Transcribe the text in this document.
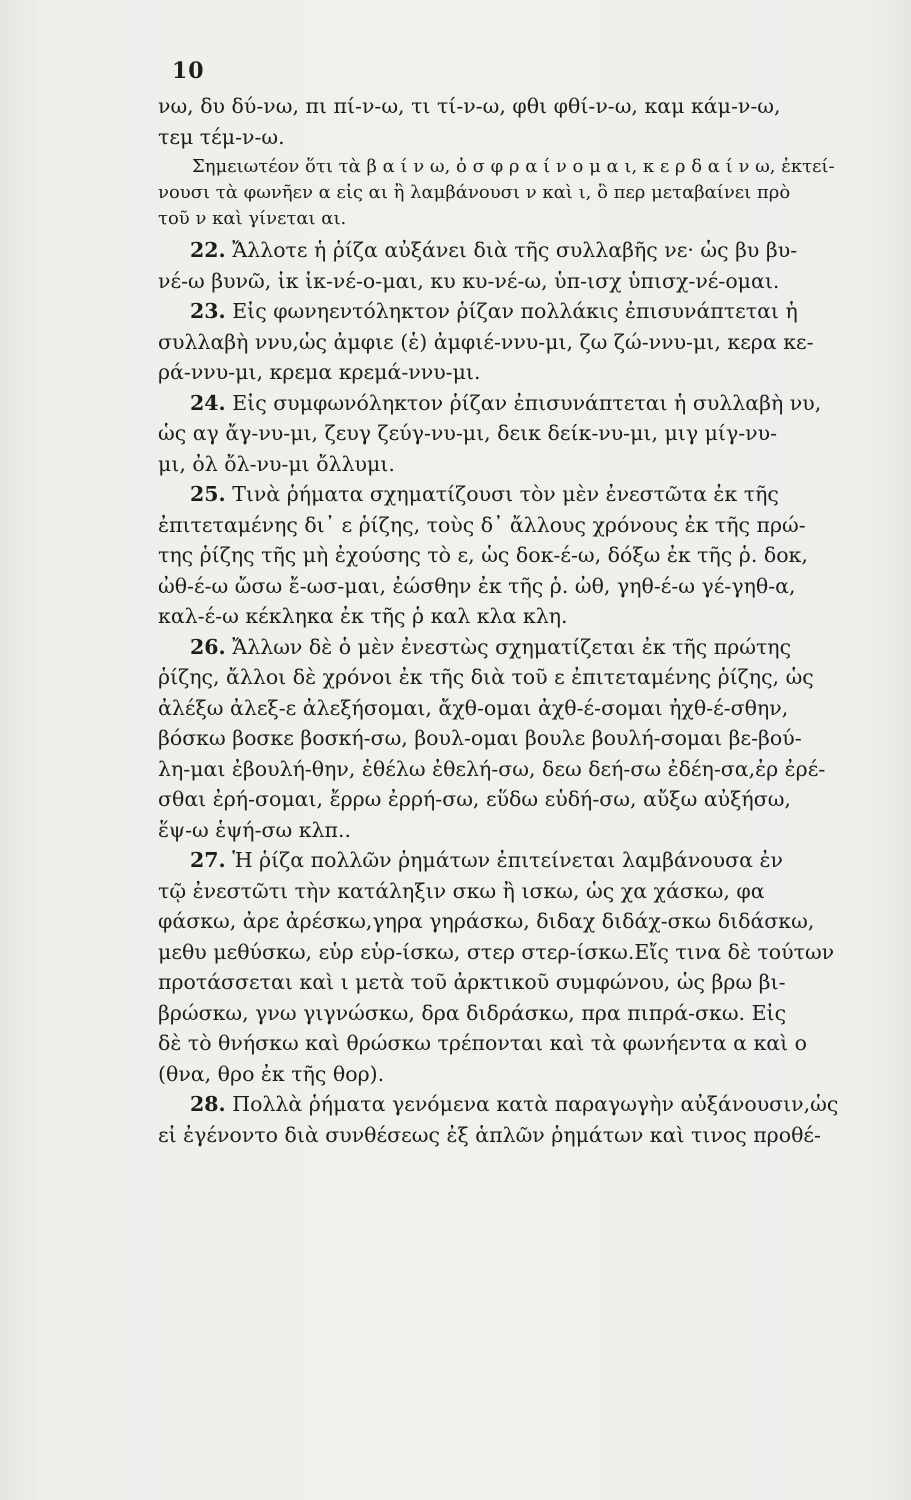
10
νω, δυ δύ-νω, πι πί-ν-ω, τι τί-ν-ω, φθι φθί-ν-ω, καμ κάμ-ν-ω,
τεμ τέμ-ν-ω.
Σημειωτέον ὅτι τὰ β α ί ν ω, ὀ σ φ ρ α ί ν ο μ α ι, κ ε ρ δ α ί ν ω, ἐκτεί-
νουσι τὰ φωνῆεν α εἰς αι ἢ λαμβάνουσι ν καὶ ι, ὃ περ μεταβαίνει πρὸ
τοῦ ν καὶ γίνεται αι.
22. Ἄλλοτε ἡ ῥίζα αὐξάνει διὰ τῆς συλλαβῆς νε· ὡς βυ βυ-
νέ-ω βυνῶ, ἱκ ἱκ-νέ-ο-μαι, κυ κυ-νέ-ω, ὑπ-ισχ ὑπισχ-νέ-ομαι.
23. Εἰς φωνηεντόληκτον ῥίζαν πολλάκις ἐπισυνάπτεται ἡ
συλλαβὴ ννυ,ὡς ἀμφιε (ἑ) ἀμφιέ-ννυ-μι, ζω ζώ-ννυ-μι, κερα κε-
ρά-ννυ-μι, κρεμα κρεμά-ννυ-μι.
24. Εἰς συμφωνόληκτον ῥίζαν ἐπισυνάπτεται ἡ συλλαβὴ νυ,
ὡς αγ ἄγ-νυ-μι, ζευγ ζεύγ-νυ-μι, δεικ δείκ-νυ-μι, μιγ μίγ-νυ-
μι, ὀλ ὄλ-νυ-μι ὄλλυμι.
25. Τινὰ ῥήματα σχηματίζουσι τὸν μὲν ἐνεστῶτα ἐκ τῆς
ἐπιτεταμένης δι᾽ ε ῥίζης, τοὺς δ᾽ ἄλλους χρόνους ἐκ τῆς πρώ-
της ῥίζης τῆς μὴ ἐχούσης τὸ ε, ὡς δοκ-έ-ω, δόξω ἐκ τῆς ῥ. δοκ,
ὠθ-έ-ω ὤσω ἔ-ωσ-μαι, ἐώσθην ἐκ τῆς ῥ. ὠθ, γηθ-έ-ω γέ-γηθ-α,
καλ-έ-ω κέκληκα ἐκ τῆς ῥ καλ κλα κλη.
26. Ἄλλων δὲ ὁ μὲν ἐνεστὼς σχηματίζεται ἐκ τῆς πρώτης
ῥίζης, ἄλλοι δὲ χρόνοι ἐκ τῆς διὰ τοῦ ε ἐπιτεταμένης ῥίζης, ὡς
ἀλέξω ἀλεξ-ε ἀλεξήσομαι, ἄχθ-ομαι ἀχθ-έ-σομαι ἠχθ-έ-σθην,
βόσκω βοσκε βοσκή-σω, βουλ-ομαι βουλε βουλή-σομαι βε-βού-
λη-μαι ἐβουλή-θην, ἐθέλω ἐθελή-σω, δεω δεή-σω ἐδέη-σα,ἐρ ἐρέ-
σθαι ἐρή-σομαι, ἔρρω ἐρρή-σω, εὕδω εὑδή-σω, αὔξω αὐξήσω,
ἕψ-ω ἑψή-σω κλπ..
27. Ἡ ῥίζα πολλῶν ῥημάτων ἐπιτείνεται λαμβάνουσα ἐν
τῷ ἐνεστῶτι τὴν κατάληξιν σκω ἢ ισκω, ὡς χα χάσκω, φα
φάσκω, ἀρε ἀρέσκω,γηρα γηράσκω, διδαχ διδάχ-σκω διδάσκω,
μεθυ μεθύσκω, εὑρ εὑρ-ίσκω, στερ στερ-ίσκω.Εἴς τινα δὲ τούτων
προτάσσεται καὶ ι μετὰ τοῦ ἀρκτικοῦ συμφώνου, ὡς βρω βι-
βρώσκω, γνω γιγνώσκω, δρα διδράσκω, πρα πιπρά-σκω. Εἰς
δὲ τὸ θνήσκω καὶ θρώσκω τρέπονται καὶ τὰ φωνήεντα α καὶ ο
(θνα, θρο ἐκ τῆς θορ).
28. Πολλὰ ῥήματα γενόμενα κατὰ παραγωγὴν αὐξάνουσιν,ὡς
εἰ ἐγένοντο διὰ συνθέσεως ἐξ ἁπλῶν ῥημάτων καὶ τινος προθέ-
